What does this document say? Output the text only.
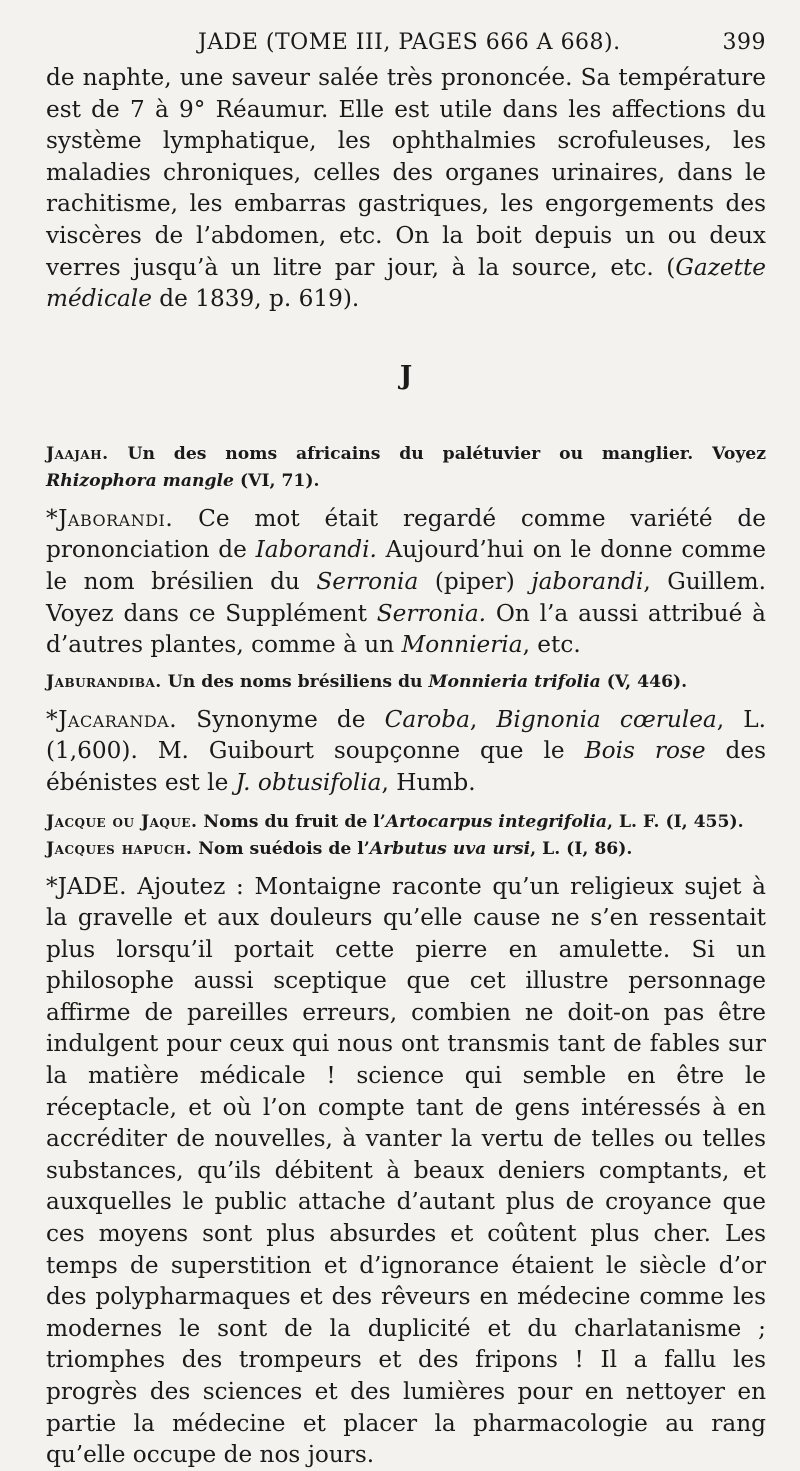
JADE (TOME III, PAGES 666 A 668).	399

de naphte, une saveur salée très prononcée. Sa température est de 7 à 9° Réaumur. Elle est utile dans les affections du système lymphatique, les ophthalmies scrofuleuses, les maladies chroniques, celles des organes urinaires, dans le rachitisme, les embarras gastriques, les engorgements des viscères de l’abdomen, etc. On la boit depuis un ou deux verres jusqu’à un litre par jour, à la source, etc. (Gazette médicale de 1839, p. 619).

J

Jaajah. Un des noms africains du palétuvier ou manglier. Voyez Rhizophora mangle (VI, 71).

*Jaborandi. Ce mot était regardé comme variété de prononciation de Iaborandi. Aujourd’hui on le donne comme le nom brésilien du Serronia (piper) jaborandi, Guillem. Voyez dans ce Supplément Serronia. On l’a aussi attribué à d’autres plantes, comme à un Monnieria, etc.

Jaburandiba. Un des noms brésiliens du Monnieria trifolia (V, 446).

*Jacaranda. Synonyme de Caroba, Bignonia cœrulea, L. (1,600). M. Guibourt soupçonne que le Bois rose des ébénistes est le J. obtusifolia, Humb.

Jacque ou Jaque. Noms du fruit de l’Artocarpus integrifolia, L. F. (I, 455).

Jacques hapuch. Nom suédois de l’Arbutus uva ursi, L. (I, 86).

*JADE. Ajoutez : Montaigne raconte qu’un religieux sujet à la gravelle et aux douleurs qu’elle cause ne s’en ressentait plus lorsqu’il portait cette pierre en amulette. Si un philosophe aussi sceptique que cet illustre personnage affirme de pareilles erreurs, combien ne doit-on pas être indulgent pour ceux qui nous ont transmis tant de fables sur la matière médicale ! science qui semble en être le réceptacle, et où l’on compte tant de gens intéressés à en accréditer de nouvelles, à vanter la vertu de telles ou telles substances, qu’ils débitent à beaux deniers comptants, et auxquelles le public attache d’autant plus de croyance que ces moyens sont plus absurdes et coûtent plus cher. Les temps de superstition et d’ignorance étaient le siècle d’or des polypharmaques et des rêveurs en médecine comme les modernes le sont de la duplicité et du charlatanisme ; triomphes des trompeurs et des fripons ! Il a fallu les progrès des sciences et des lumières pour en nettoyer en partie la médecine et placer la pharmacologie au rang qu’elle occupe de nos jours.
